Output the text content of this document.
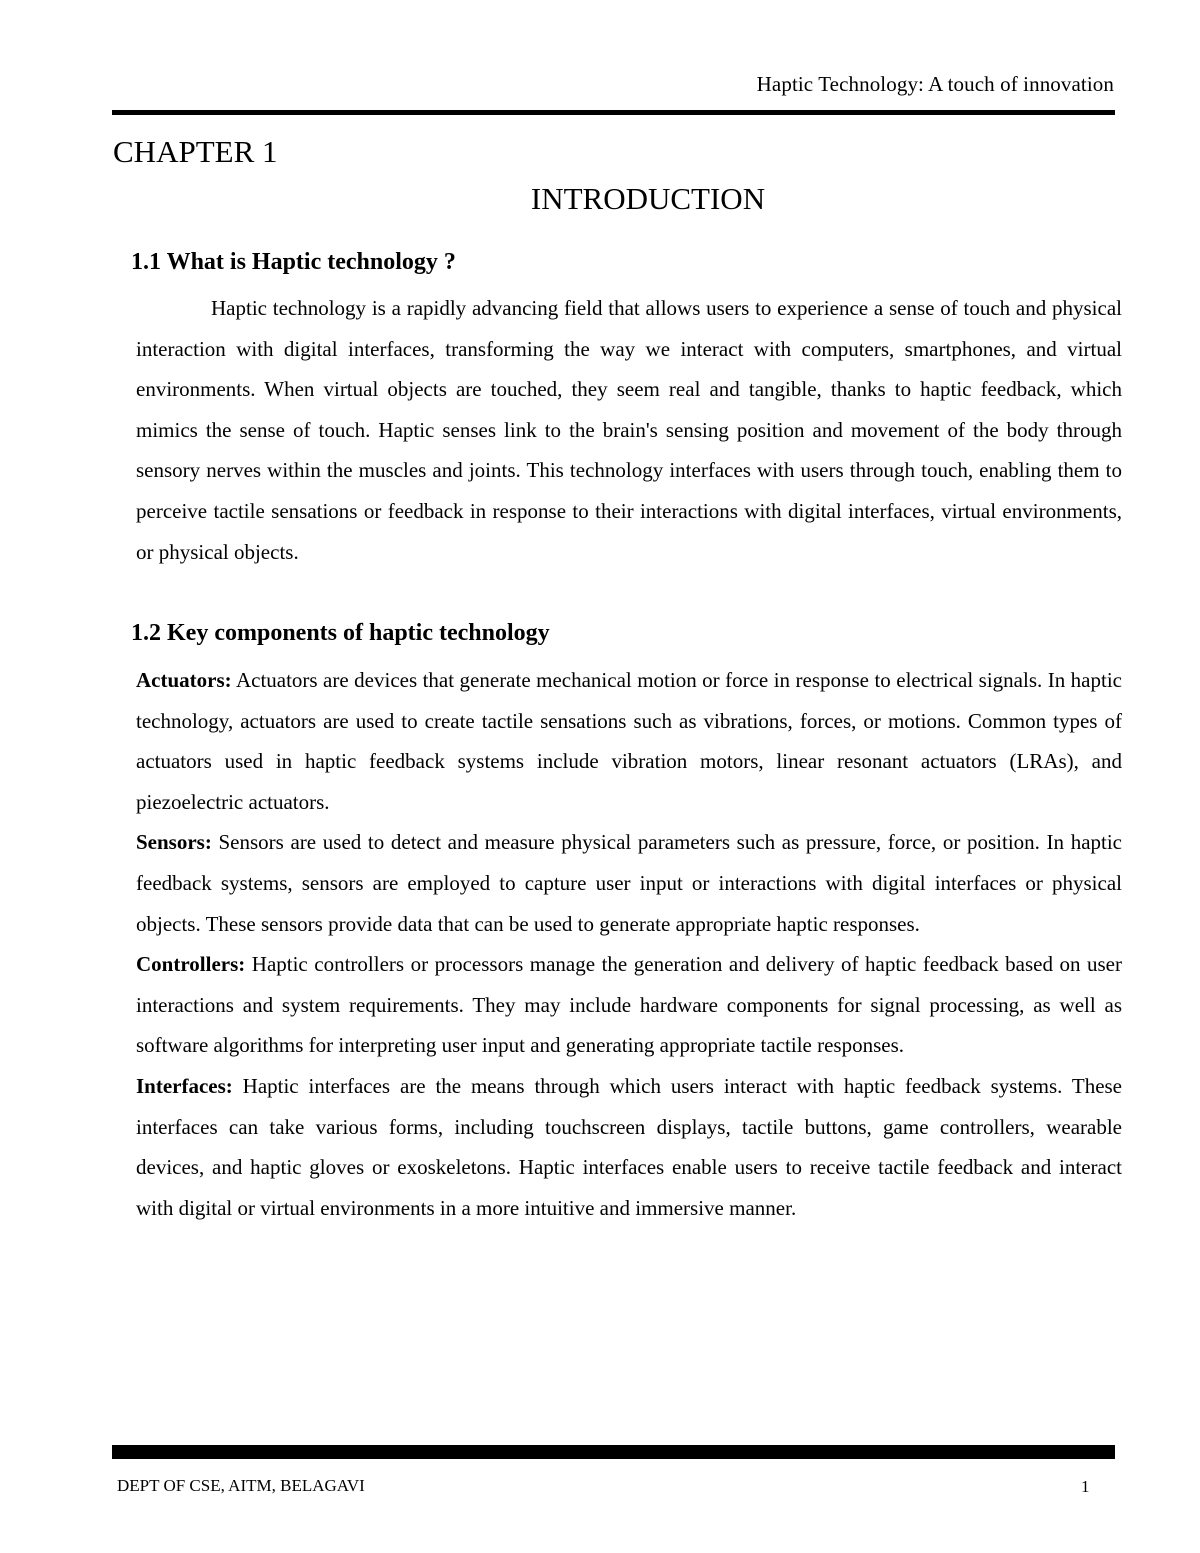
Haptic Technology: A touch of innovation
CHAPTER 1
INTRODUCTION
1.1 What is Haptic technology ?

Haptic technology is a rapidly advancing field that allows users to experience a sense of touch and physical interaction with digital interfaces, transforming the way we interact with computers, smartphones, and virtual environments. When virtual objects are touched, they seem real and tangible, thanks to haptic feedback, which mimics the sense of touch. Haptic senses link to the brain's sensing position and movement of the body through sensory nerves within the muscles and joints. This technology interfaces with users through touch, enabling them to perceive tactile sensations or feedback in response to their interactions with digital interfaces, virtual environments, or physical objects.

1.2 Key components of haptic technology

Actuators: Actuators are devices that generate mechanical motion or force in response to electrical signals. In haptic technology, actuators are used to create tactile sensations such as vibrations, forces, or motions. Common types of actuators used in haptic feedback systems include vibration motors, linear resonant actuators (LRAs), and piezoelectric actuators.

Sensors: Sensors are used to detect and measure physical parameters such as pressure, force, or position. In haptic feedback systems, sensors are employed to capture user input or interactions with digital interfaces or physical objects. These sensors provide data that can be used to generate appropriate haptic responses.

Controllers: Haptic controllers or processors manage the generation and delivery of haptic feedback based on user interactions and system requirements. They may include hardware components for signal processing, as well as software algorithms for interpreting user input and generating appropriate tactile responses.

Interfaces: Haptic interfaces are the means through which users interact with haptic feedback systems. These interfaces can take various forms, including touchscreen displays, tactile buttons, game controllers, wearable devices, and haptic gloves or exoskeletons. Haptic interfaces enable users to receive tactile feedback and interact with digital or virtual environments in a more intuitive and immersive manner.

DEPT OF CSE, AITM, BELAGAVI	1
